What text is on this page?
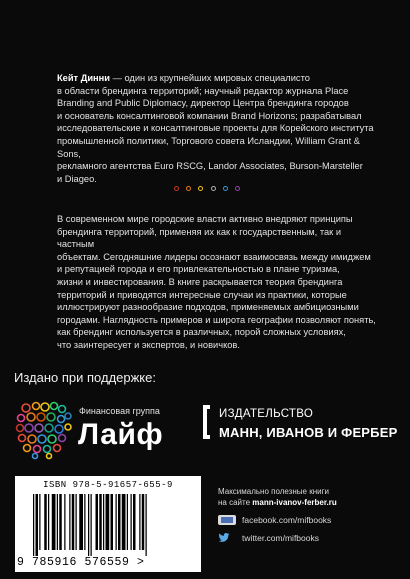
Кейт Динни — один из крупнейших мировых специалисто
в области брендинга территорий; научный редактор журнала Place
Branding and Public Diplomacy, директор Центра брендинга городов
и основатель консалтинговой компании Brand Horizons; разрабатывал
исследовательские и консалтинговые проекты для Корейского института
промышленной политики, Торгового совета Исландии, William Grant & Sons,
рекламного агентства Euro RSCG, Landor Associates, Burson-Marsteller
и Diageo.
В современном мире городские власти активно внедряют принципы
брендинга территорий, применяя их как к государственным, так и частным
объектам. Сегодняшние лидеры осознают взаимосвязь между имиджем
и репутацией города и его привлекательностью в плане туризма,
жизни и инвестирования. В книге раскрывается теория брендинга
территорий и приводятся интересные случаи из практики, которые
иллюстрируют разнообразие подходов, применяемых амбициозными
городами. Наглядность примеров и широта географии позволяют понять,
как брендинг используется в различных, порой сложных условиях,
что заинтересует и экспертов, и новичков.
Издано при поддержке:
Финансовая группа
Лайф
ИЗДАТЕЛЬСТВО
МАНН, ИВАНОВ И ФЕРБЕР
ISBN 978-5-91657-655-9
9 785916 576559 >
Максимально полезные книги
на сайте mann-ivanov-ferber.ru
facebook.com/mifbooks
twitter.com/mifbooks
